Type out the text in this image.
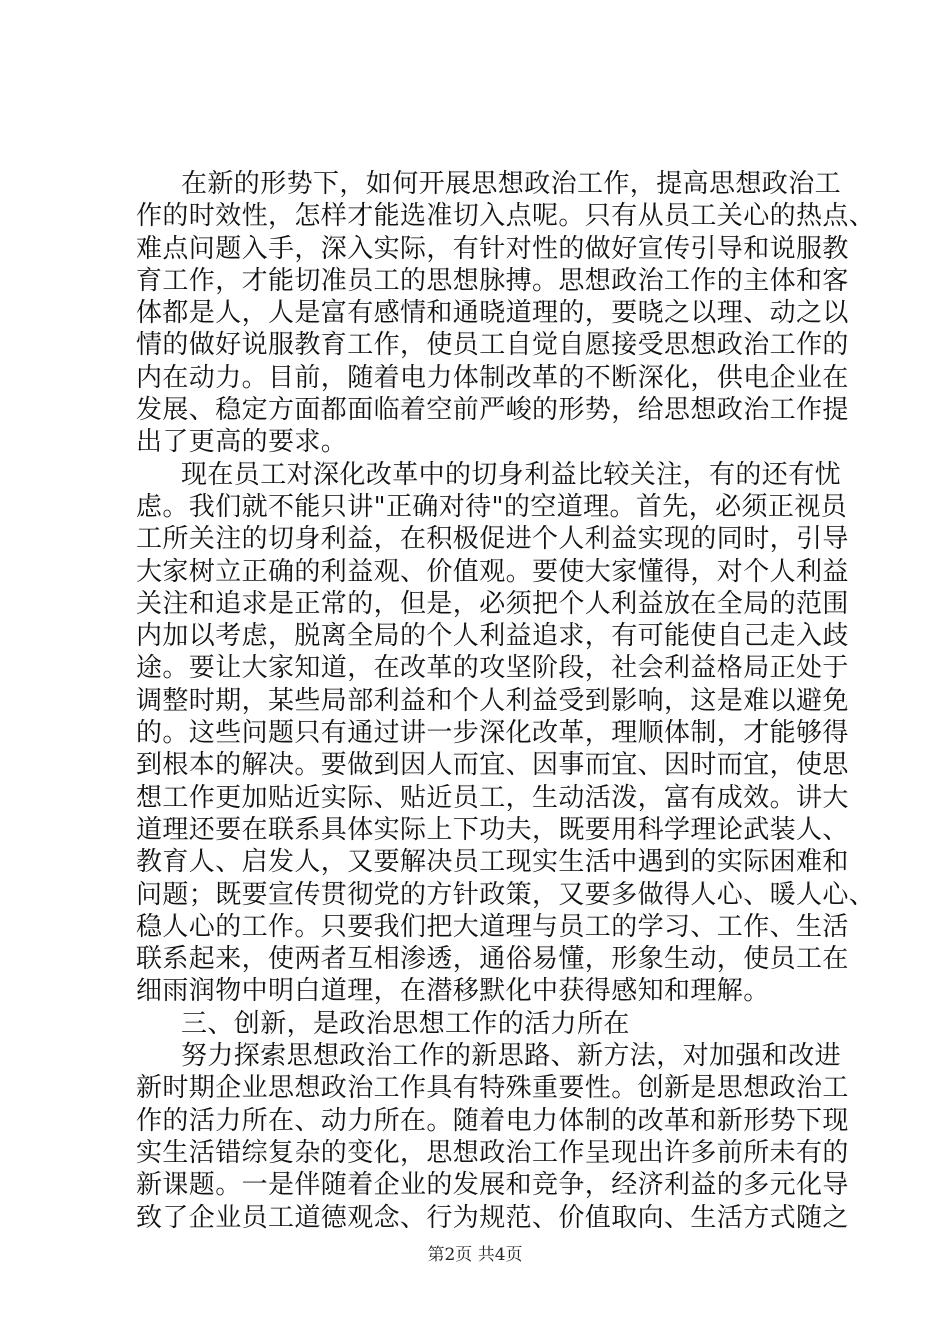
在新的形势下，如何开展思想政治工作，提高思想政治工
作的时效性，怎样才能选准切入点呢。只有从员工关心的热点、
难点问题入手，深入实际，有针对性的做好宣传引导和说服教
育工作，才能切准员工的思想脉搏。思想政治工作的主体和客
体都是人，人是富有感情和通晓道理的，要晓之以理、动之以
情的做好说服教育工作，使员工自觉自愿接受思想政治工作的
内在动力。目前，随着电力体制改革的不断深化，供电企业在
发展、稳定方面都面临着空前严峻的形势，给思想政治工作提
出了更高的要求。
现在员工对深化改革中的切身利益比较关注，有的还有忧
虑。我们就不能只讲"正确对待"的空道理。首先，必须正视员
工所关注的切身利益，在积极促进个人利益实现的同时，引导
大家树立正确的利益观、价值观。要使大家懂得，对个人利益
关注和追求是正常的，但是，必须把个人利益放在全局的范围
内加以考虑，脱离全局的个人利益追求，有可能使自己走入歧
途。要让大家知道，在改革的攻坚阶段，社会利益格局正处于
调整时期，某些局部利益和个人利益受到影响，这是难以避免
的。这些问题只有通过讲一步深化改革，理顺体制，才能够得
到根本的解决。要做到因人而宜、因事而宜、因时而宜，使思
想工作更加贴近实际、贴近员工，生动活泼，富有成效。讲大
道理还要在联系具体实际上下功夫，既要用科学理论武装人、
教育人、启发人，又要解决员工现实生活中遇到的实际困难和
问题；既要宣传贯彻党的方针政策，又要多做得人心、暖人心、
稳人心的工作。只要我们把大道理与员工的学习、工作、生活
联系起来，使两者互相渗透，通俗易懂，形象生动，使员工在
细雨润物中明白道理，在潜移默化中获得感知和理解。
三、创新，是政治思想工作的活力所在
努力探索思想政治工作的新思路、新方法，对加强和改进
新时期企业思想政治工作具有特殊重要性。创新是思想政治工
作的活力所在、动力所在。随着电力体制的改革和新形势下现
实生活错综复杂的变化，思想政治工作呈现出许多前所未有的
新课题。一是伴随着企业的发展和竞争，经济利益的多元化导
致了企业员工道德观念、行为规范、价值取向、生活方式随之
第2页 共4页
